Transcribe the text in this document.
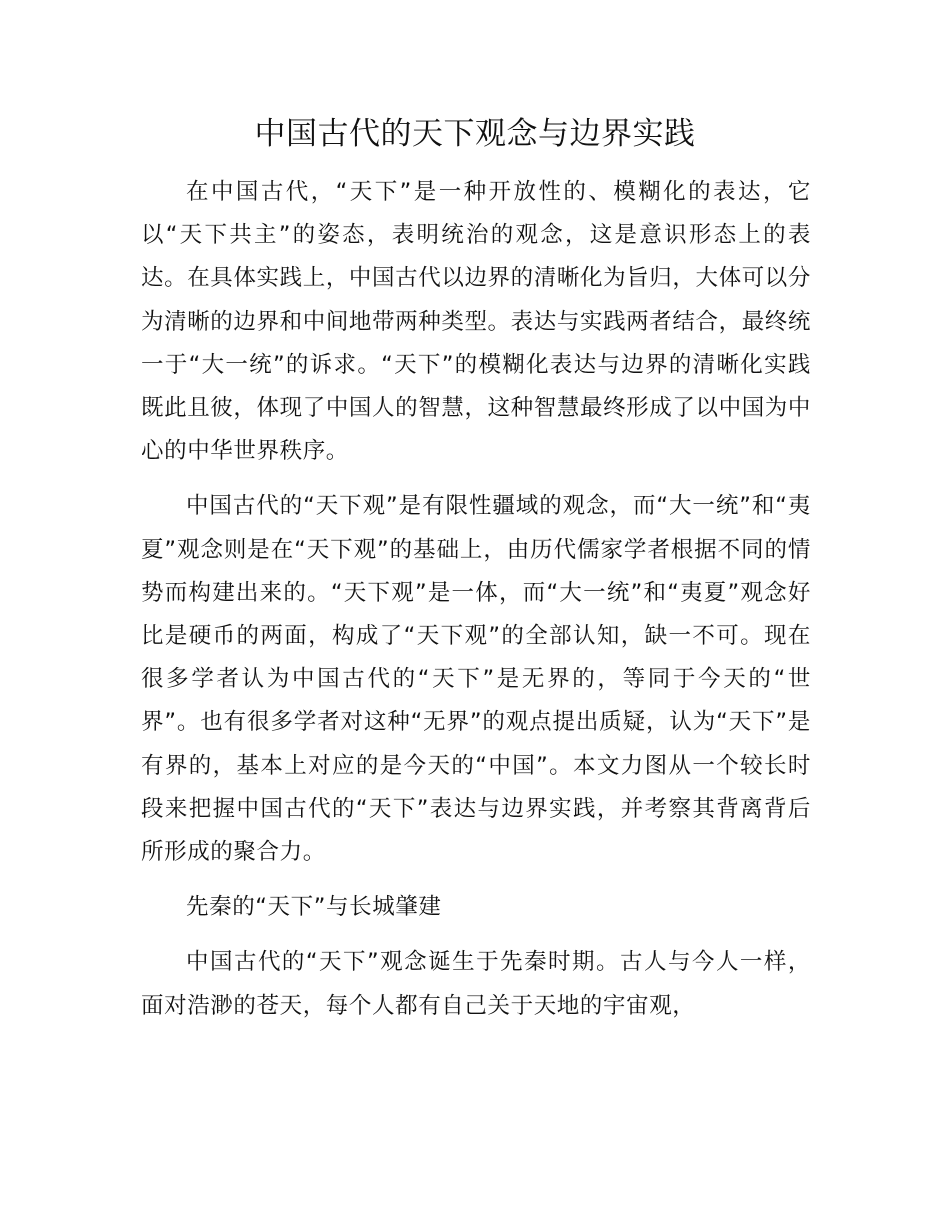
中国古代的天下观念与边界实践

在中国古代，“天下”是一种开放性的、模糊化的表达，它以“天下共主”的姿态，表明统治的观念，这是意识形态上的表达。在具体实践上，中国古代以边界的清晰化为旨归，大体可以分为清晰的边界和中间地带两种类型。表达与实践两者结合，最终统一于“大一统”的诉求。“天下”的模糊化表达与边界的清晰化实践既此且彼，体现了中国人的智慧，这种智慧最终形成了以中国为中心的中华世界秩序。

中国古代的“天下观”是有限性疆域的观念，而“大一统”和“夷夏”观念则是在“天下观”的基础上，由历代儒家学者根据不同的情势而构建出来的。“天下观”是一体，而“大一统”和“夷夏”观念好比是硬币的两面，构成了“天下观”的全部认知，缺一不可。现在很多学者认为中国古代的“天下”是无界的，等同于今天的“世界”。也有很多学者对这种“无界”的观点提出质疑，认为“天下”是有界的，基本上对应的是今天的“中国”。本文力图从一个较长时段来把握中国古代的“天下”表达与边界实践，并考察其背离背后所形成的聚合力。

先秦的“天下”与长城肇建

中国古代的“天下”观念诞生于先秦时期。古人与今人一样，面对浩渺的苍天，每个人都有自己关于天地的宇宙观，
